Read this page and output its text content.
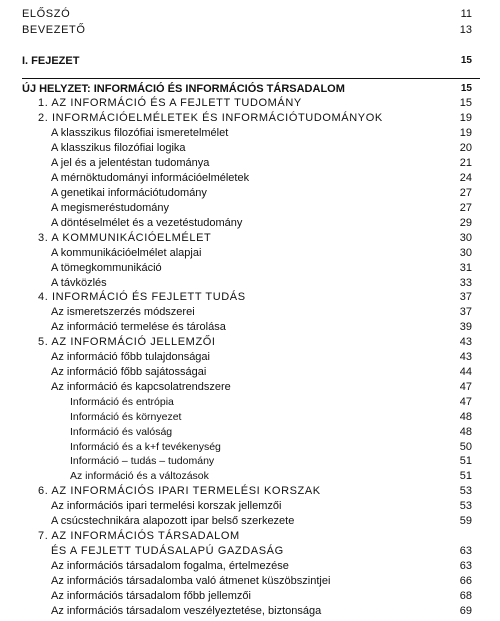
ELŐSZÓ	11
BEVEZETŐ	13
I. FEJEZET	15
ÚJ HELYZET: INFORMÁCIÓ ÉS INFORMÁCIÓS TÁRSADALOM	15
1. AZ INFORMÁCIÓ ÉS A FEJLETT TUDOMÁNY	15
2. INFORMÁCIÓELMÉLETEK ÉS INFORMÁCIÓTUDOMÁNYOK	19
A klasszikus filozófiai ismeretelmélet	19
A klasszikus filozófiai logika	20
A jel és a jelentéstan tudománya	21
A mérnöktudományi információelméletek	24
A genetikai információtudomány	27
A megismeréstudomány	27
A döntéselmélet és a vezetéstudomány	29
3. A KOMMUNIKÁCIÓELMÉLET	30
A kommunikációelmélet alapjai	30
A tömegkommunikáció	31
A távközlés	33
4. INFORMÁCIÓ ÉS FEJLETT TUDÁS	37
Az ismeretszerzés módszerei	37
Az információ termelése és tárolása	39
5. AZ INFORMÁCIÓ JELLEMZŐI	43
Az információ főbb tulajdonságai	43
Az információ főbb sajátosságai	44
Az információ és kapcsolatrendszere	47
Információ és entrópia	47
Információ és környezet	48
Információ és valóság	48
Információ és a k+f tevékenység	50
Információ – tudás – tudomány	51
Az információ és a változások	51
6. AZ INFORMÁCIÓS IPARI TERMELÉSI KORSZAK	53
Az információs ipari termelési korszak jellemzői	53
A csúcstechnikára alapozott ipar belső szerkezete	59
7. AZ INFORMÁCIÓS TÁRSADALOM
ÉS A FEJLETT TUDÁSALAPÚ GAZDASÁG	63
Az információs társadalom fogalma, értelmezése	63
Az információs társadalomba való átmenet küszöbszintjei	66
Az információs társadalom főbb jellemzői	68
Az információs társadalom veszélyeztetése, biztonsága	69
